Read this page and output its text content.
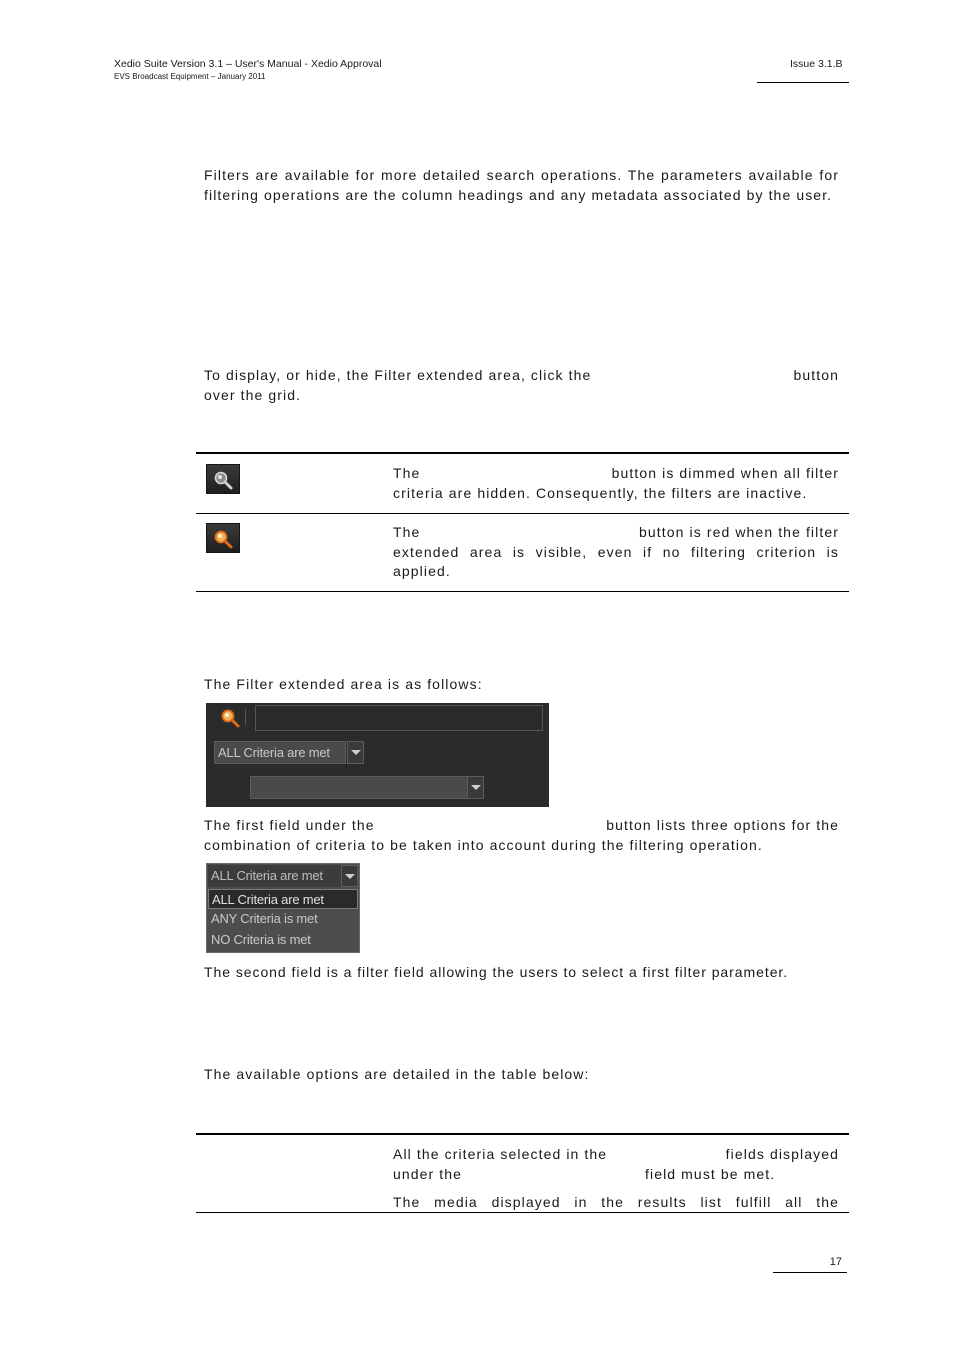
Xedio Suite Version 3.1 – User's Manual - Xedio Approval
EVS Broadcast Equipment – January 2011
Issue 3.1.B
Filters are available for more detailed search operations. The parameters available for filtering operations are the column headings and any metadata associated by the user.
To display, or hide, the Filter extended area, click the	button
over the grid.
The	button is dimmed when all filter
criteria are hidden. Consequently, the filters are inactive.
The	button is red when the filter
extended area is visible, even if no filtering criterion is
applied.
The Filter extended area is as follows:
ALL Criteria are met
The first field under the	button lists three options for the
combination of criteria to be taken into account during the filtering operation.
ALL Criteria are met
ALL Criteria are met
ANY Criteria is met
NO Criteria is met
The second field is a filter field allowing the users to select a first filter parameter.
The available options are detailed in the table below:
All the criteria selected in the	fields displayed
under the	field must be met.
The media displayed in the results list fulfill all the
17
